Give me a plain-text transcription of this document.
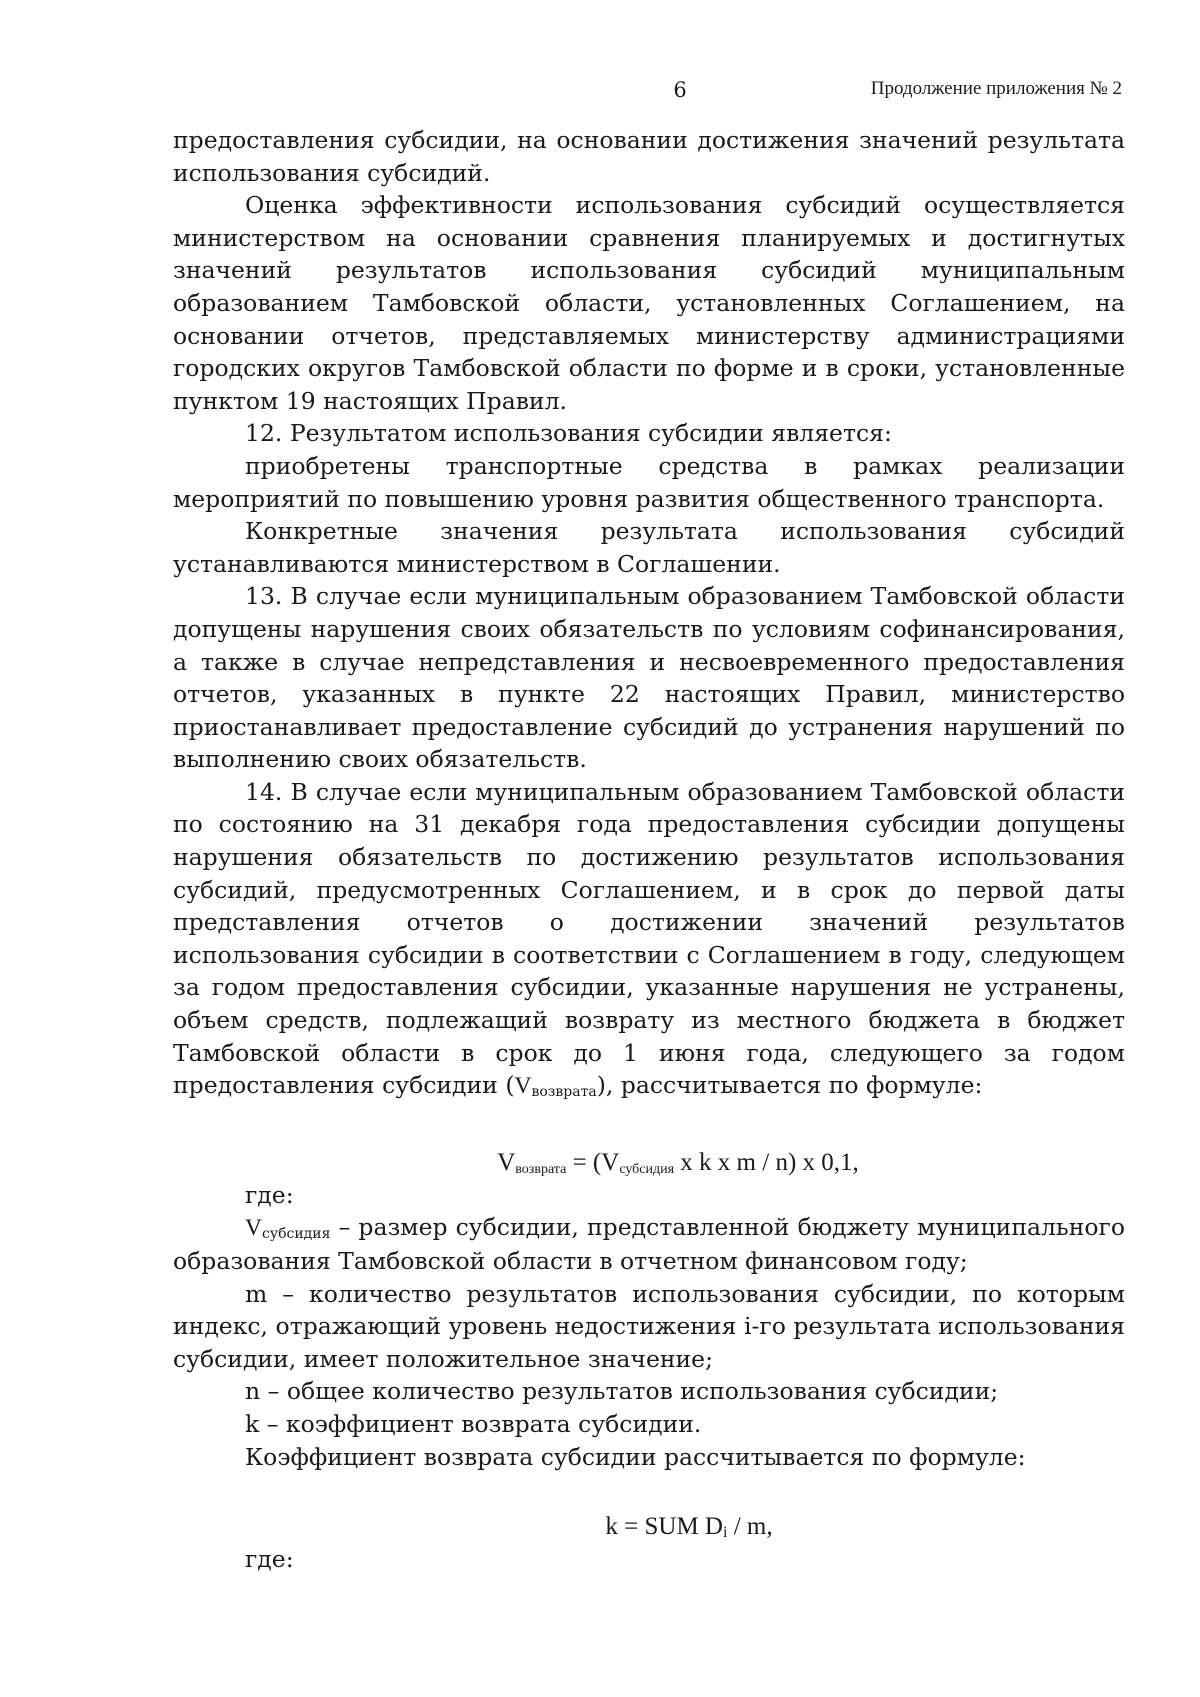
6	Продолжение приложения № 2

предоставления субсидии, на основании достижения значений результата использования субсидий.

Оценка эффективности использования субсидий осуществляется министерством на основании сравнения планируемых и достигнутых значений результатов использования субсидий муниципальным образованием Тамбовской области, установленных Соглашением, на основании отчетов, представляемых министерству администрациями городских округов Тамбовской области по форме и в сроки, установленные пунктом 19 настоящих Правил.

12. Результатом использования субсидии является:

приобретены транспортные средства в рамках реализации мероприятий по повышению уровня развития общественного транспорта.

Конкретные значения результата использования субсидий устанавливаются министерством в Соглашении.

13. В случае если муниципальным образованием Тамбовской области допущены нарушения своих обязательств по условиям софинансирования, а также в случае непредставления и несвоевременного предоставления отчетов, указанных в пункте 22 настоящих Правил, министерство приостанавливает предоставление субсидий до устранения нарушений по выполнению своих обязательств.

14. В случае если муниципальным образованием Тамбовской области по состоянию на 31 декабря года предоставления субсидии допущены нарушения обязательств по достижению результатов использования субсидий, предусмотренных Соглашением, и в срок до первой даты представления отчетов о достижении значений результатов использования субсидии в соответствии с Соглашением в году, следующем за годом предоставления субсидии, указанные нарушения не устранены, объем средств, подлежащий возврату из местного бюджета в бюджет Тамбовской области в срок до 1 июня года, следующего за годом предоставления субсидии $(V_{возврата})$, рассчитывается по формуле:

$V_{возврата} = (V_{субсидия}$ x k x m / n) x 0,1,

где:

$V_{субсидия}$ – размер субсидии, представленной бюджету муниципального образования Тамбовской области в отчетном финансовом году;

m – количество результатов использования субсидии, по которым индекс, отражающий уровень недостижения i-го результата использования субсидии, имеет положительное значение;

n – общее количество результатов использования субсидии;

k – коэффициент возврата субсидии.

Коэффициент возврата субсидии рассчитывается по формуле:

k = SUM $D_i$ / m,

где:
